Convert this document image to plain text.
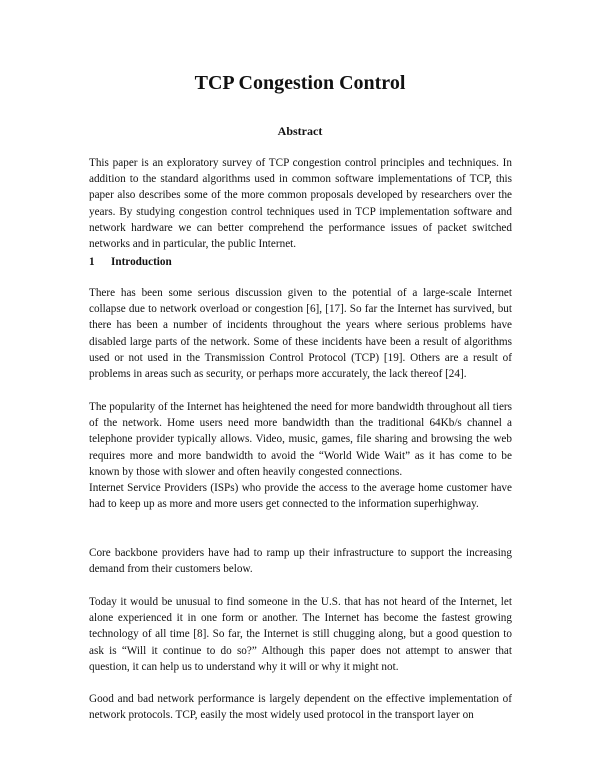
TCP Congestion Control
Abstract

This paper is an exploratory survey of TCP congestion control principles and techniques. In addition to the standard algorithms used in common software implementations of TCP, this paper also describes some of the more common proposals developed by researchers over the years. By studying congestion control techniques used in TCP implementation software and network hardware we can better comprehend the performance issues of packet switched networks and in particular, the public Internet.

1 Introduction

There has been some serious discussion given to the potential of a large-scale Internet collapse due to network overload or congestion [6], [17]. So far the Internet has survived, but there has been a number of incidents throughout the years where serious problems have disabled large parts of the network. Some of these incidents have been a result of algorithms used or not used in the Transmission Control Protocol (TCP) [19]. Others are a result of problems in areas such as security, or perhaps more accurately, the lack thereof [24].

The popularity of the Internet has heightened the need for more bandwidth throughout all tiers of the network. Home users need more bandwidth than the traditional 64Kb/s channel a telephone provider typically allows. Video, music, games, file sharing and browsing the web requires more and more bandwidth to avoid the “World Wide Wait” as it has come to be known by those with slower and often heavily congested connections.

Internet Service Providers (ISPs) who provide the access to the average home customer have had to keep up as more and more users get connected to the information superhighway.

Core backbone providers have had to ramp up their infrastructure to support the increasing demand from their customers below.

Today it would be unusual to find someone in the U.S. that has not heard of the Internet, let alone experienced it in one form or another. The Internet has become the fastest growing technology of all time [8]. So far, the Internet is still chugging along, but a good question to ask is “Will it continue to do so?” Although this paper does not attempt to answer that question, it can help us to understand why it will or why it might not.

Good and bad network performance is largely dependent on the effective implementation of network protocols. TCP, easily the most widely used protocol in the transport layer on
